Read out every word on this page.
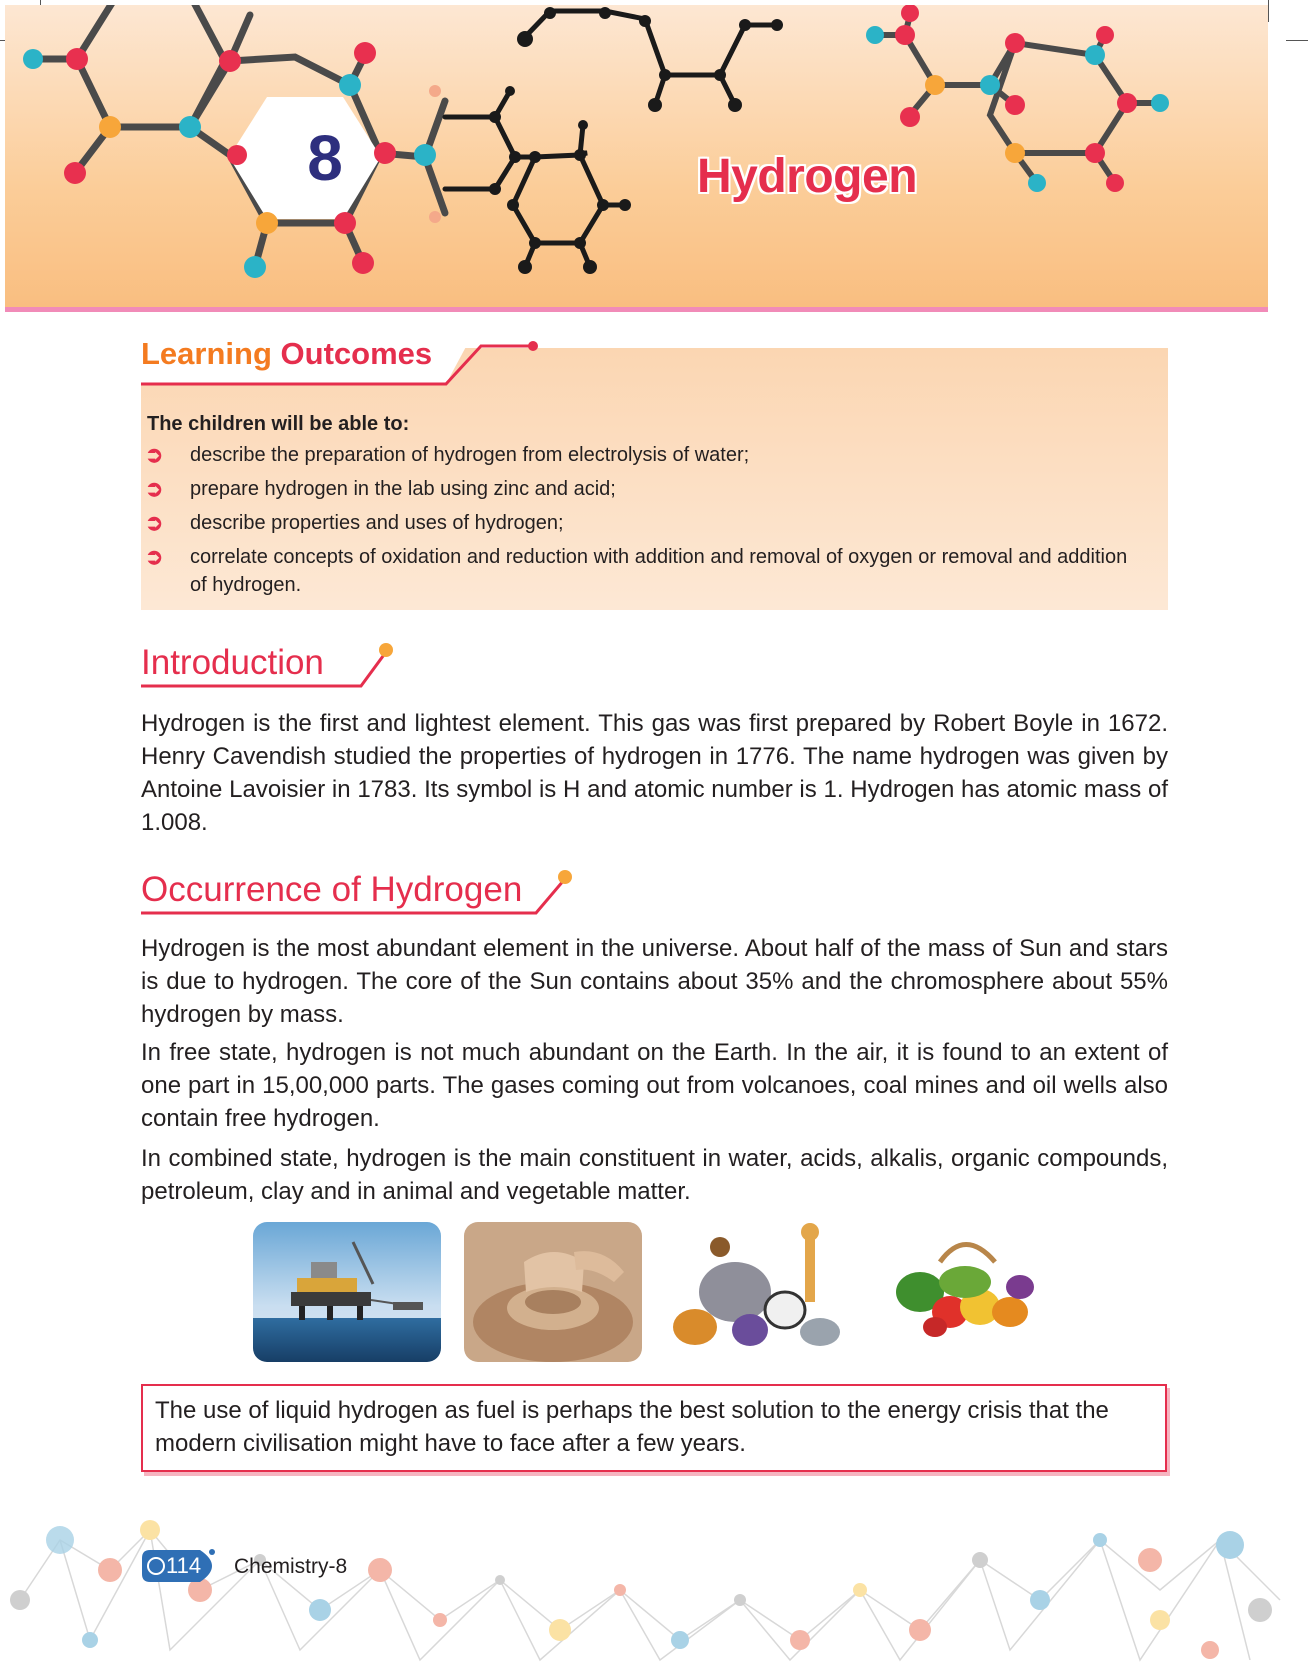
8	Hydrogen
Learning Outcomes
The children will be able to:
➲ describe the preparation of hydrogen from electrolysis of water;
➲ prepare hydrogen in the lab using zinc and acid;
➲ describe properties and uses of hydrogen;
➲ correlate concepts of oxidation and reduction with addition and removal of oxygen or removal and addition of hydrogen.
Introduction

Hydrogen is the first and lightest element. This gas was first prepared by Robert Boyle in 1672. Henry Cavendish studied the properties of hydrogen in 1776. The name hydrogen was given by Antoine Lavoisier in 1783. Its symbol is H and atomic number is 1. Hydrogen has atomic mass of 1.008.

Occurrence of Hydrogen

Hydrogen is the most abundant element in the universe. About half of the mass of Sun and stars is due to hydrogen. The core of the Sun contains about 35% and the chromosphere about 55% hydrogen by mass.

In free state, hydrogen is not much abundant on the Earth. In the air, it is found to an extent of one part in 15,00,000 parts. The gases coming out from volcanoes, coal mines and oil wells also contain free hydrogen.

In combined state, hydrogen is the main constituent in water, acids, alkalis, organic compounds, petroleum, clay and in animal and vegetable matter.

The use of liquid hydrogen as fuel is perhaps the best solution to the energy crisis that the modern civilisation might have to face after a few years.

114 Chemistry-8
